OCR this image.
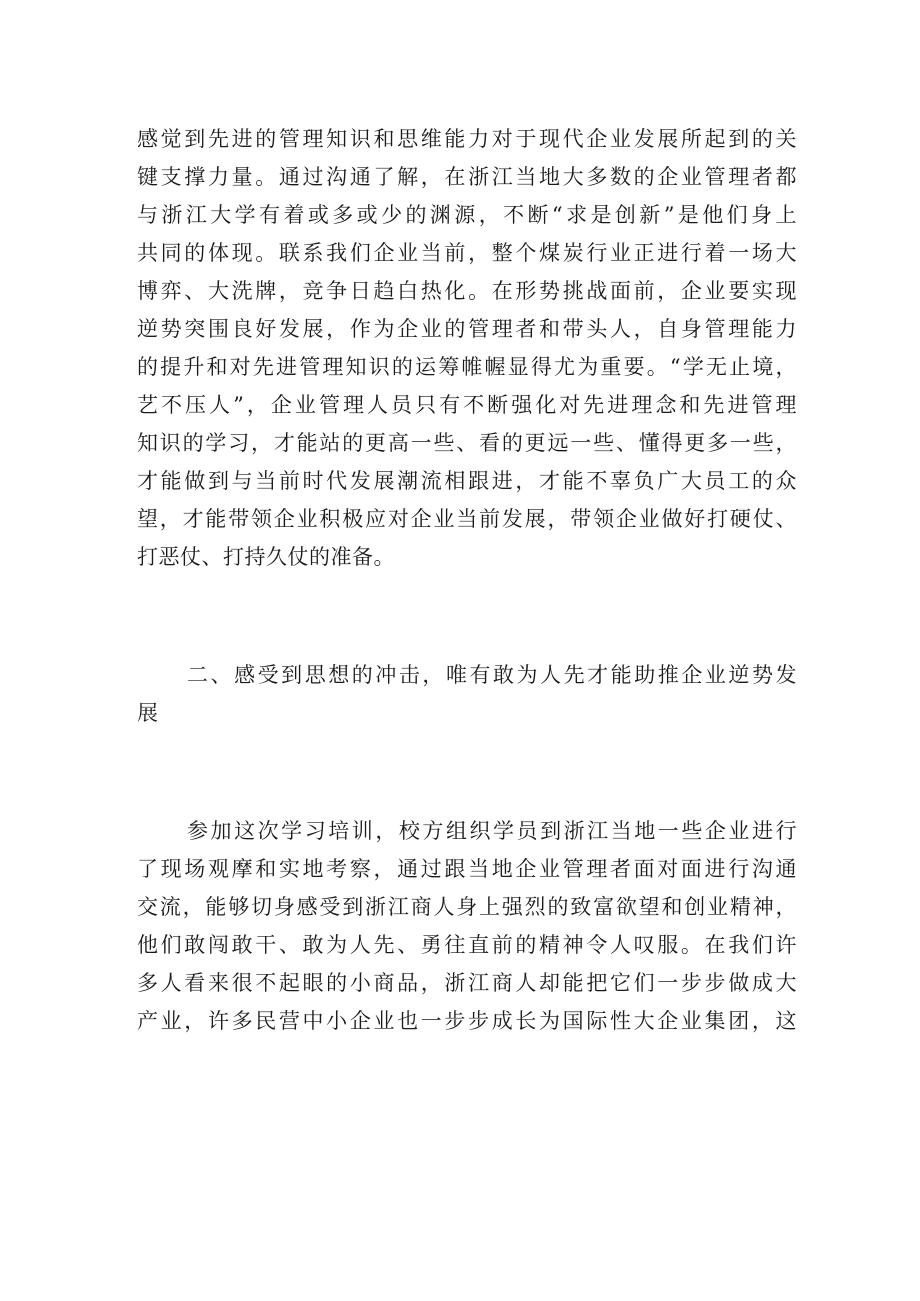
感觉到先进的管理知识和思维能力对于现代企业发展所起到的关
键支撑力量。通过沟通了解，在浙江当地大多数的企业管理者都
与浙江大学有着或多或少的渊源，不断“求是创新”是他们身上
共同的体现。联系我们企业当前，整个煤炭行业正进行着一场大
博弈、大洗牌，竞争日趋白热化。在形势挑战面前，企业要实现
逆势突围良好发展，作为企业的管理者和带头人，自身管理能力
的提升和对先进管理知识的运筹帷幄显得尤为重要。“学无止境，
艺不压人”，企业管理人员只有不断强化对先进理念和先进管理
知识的学习，才能站的更高一些、看的更远一些、懂得更多一些，
才能做到与当前时代发展潮流相跟进，才能不辜负广大员工的众
望，才能带领企业积极应对企业当前发展，带领企业做好打硬仗、
打恶仗、打持久仗的准备。
二、感受到思想的冲击，唯有敢为人先才能助推企业逆势发
展
参加这次学习培训，校方组织学员到浙江当地一些企业进行
了现场观摩和实地考察，通过跟当地企业管理者面对面进行沟通
交流，能够切身感受到浙江商人身上强烈的致富欲望和创业精神，
他们敢闯敢干、敢为人先、勇往直前的精神令人叹服。在我们许
多人看来很不起眼的小商品，浙江商人却能把它们一步步做成大
产业，许多民营中小企业也一步步成长为国际性大企业集团，这
